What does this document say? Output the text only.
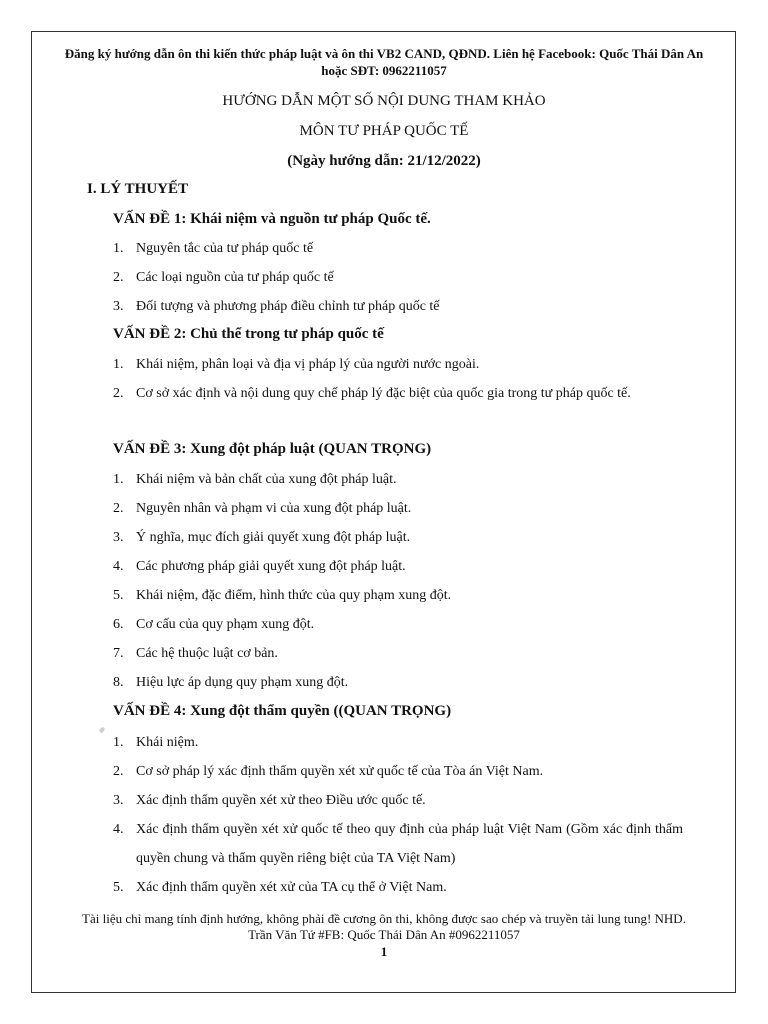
Đăng ký hướng dẫn ôn thi kiến thức pháp luật và ôn thi VB2 CAND, QĐND. Liên hệ Facebook: Quốc Thái Dân An hoặc SĐT: 0962211057
HƯỚNG DẪN MỘT SỐ NỘI DUNG THAM KHẢO
MÔN TƯ PHÁP QUỐC TẾ
(Ngày hướng dẫn: 21/12/2022)
I. LÝ THUYẾT
VẤN ĐỀ 1: Khái niệm và nguồn tư pháp Quốc tế.
1. Nguyên tắc của tư pháp quốc tế
2. Các loại nguồn của tư pháp quốc tế
3. Đối tượng và phương pháp điều chỉnh tư pháp quốc tế
VẤN ĐỀ 2: Chủ thể trong tư pháp quốc tế
1. Khái niệm, phân loại và địa vị pháp lý của người nước ngoài.
2. Cơ sở xác định và nội dung quy chế pháp lý đặc biệt của quốc gia trong tư pháp quốc tế.
VẤN ĐỀ 3: Xung đột pháp luật (QUAN TRỌNG)
1. Khái niệm và bản chất của xung đột pháp luật.
2. Nguyên nhân và phạm vi của xung đột pháp luật.
3. Ý nghĩa, mục đích giải quyết xung đột pháp luật.
4. Các phương pháp giải quyết xung đột pháp luật.
5. Khái niệm, đặc điểm, hình thức của quy phạm xung đột.
6. Cơ cấu của quy phạm xung đột.
7. Các hệ thuộc luật cơ bản.
8. Hiệu lực áp dụng quy phạm xung đột.
VẤN ĐỀ 4: Xung đột thẩm quyền ((QUAN TRỌNG)
1. Khái niệm.
2. Cơ sở pháp lý xác định thẩm quyền xét xử quốc tế của Tòa án Việt Nam.
3. Xác định thẩm quyền xét xử theo Điều ước quốc tế.
4. Xác định thẩm quyền xét xử quốc tế theo quy định của pháp luật Việt Nam (Gồm xác định thẩm quyền chung và thẩm quyền riêng biệt của TA Việt Nam)
5. Xác định thẩm quyền xét xử của TA cụ thể ở Việt Nam.
Tài liệu chỉ mang tính định hướng, không phải đề cương ôn thi, không được sao chép và truyền tải lung tung! NHD. Trần Văn Tứ #FB: Quốc Thái Dân An #0962211057
1
